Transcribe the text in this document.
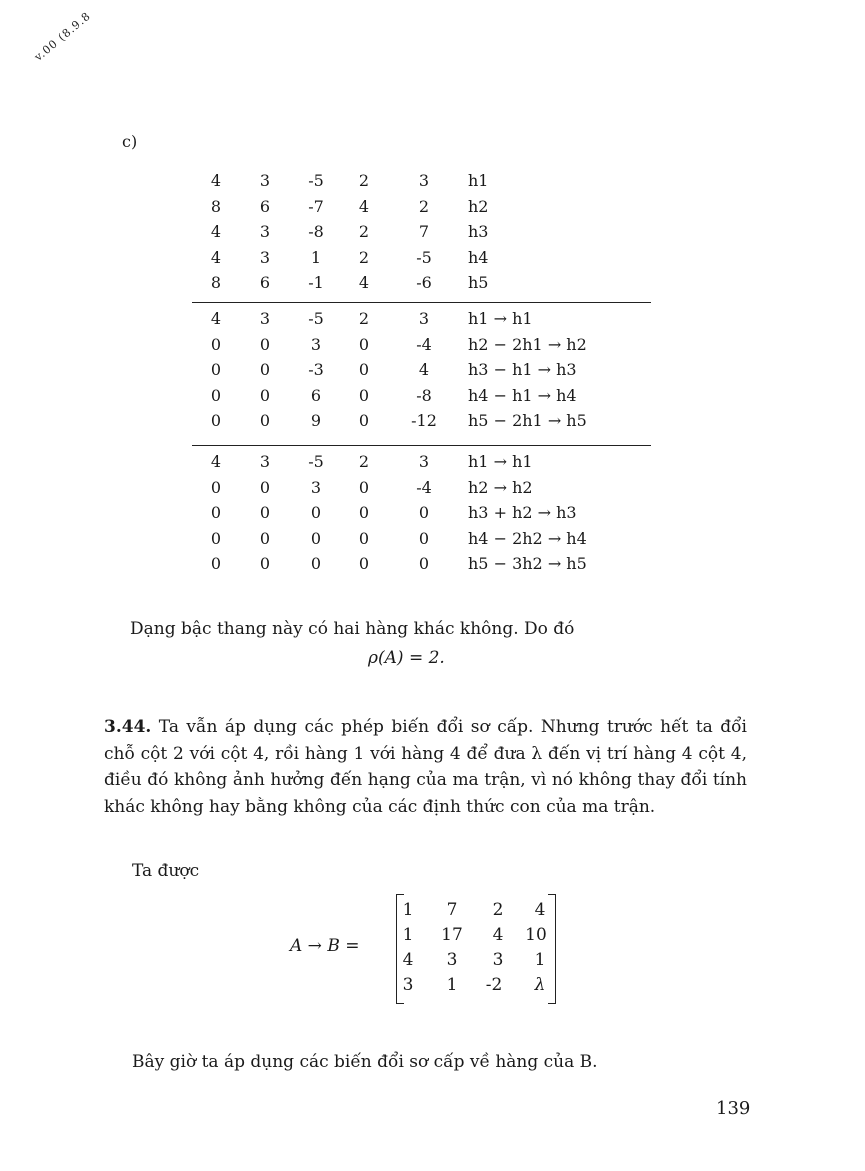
v.00 (8.9.8
c)
4	3	-5	2	3	h1
8	6	-7	4	2	h2
4	3	-8	2	7	h3
4	3	1	2	-5	h4
8	6	-1	4	-6	h5
4	3	-5	2	3	h1 → h1
0	0	3	0	-4	h2 − 2h1 → h2
0	0	-3	0	4	h3 − h1 → h3
0	0	6	0	-8	h4 − h1 → h4
0	0	9	0	-12	h5 − 2h1 → h5
4	3	-5	2	3	h1 → h1
0	0	3	0	-4	h2 → h2
0	0	0	0	0	h3 + h2 → h3
0	0	0	0	0	h4 − 2h2 → h4
0	0	0	0	0	h5 − 3h2 → h5
Dạng bậc thang này có hai hàng khác không. Do đó
ρ(A) = 2.
3.44. Ta vẫn áp dụng các phép biến đổi sơ cấp. Nhưng trước hết ta đổi chỗ cột 2 với cột 4, rồi hàng 1 với hàng 4 để đưa λ đến vị trí hàng 4 cột 4, điều đó không ảnh hưởng đến hạng của ma trận, vì nó không thay đổi tính khác không hay bằng không của các định thức con của ma trận.
Ta được
A → B =
1	7	2	4
1	17	4	10
4	3	3	1
3	1	-2	λ
Bây giờ ta áp dụng các biến đổi sơ cấp về hàng của B.
139
